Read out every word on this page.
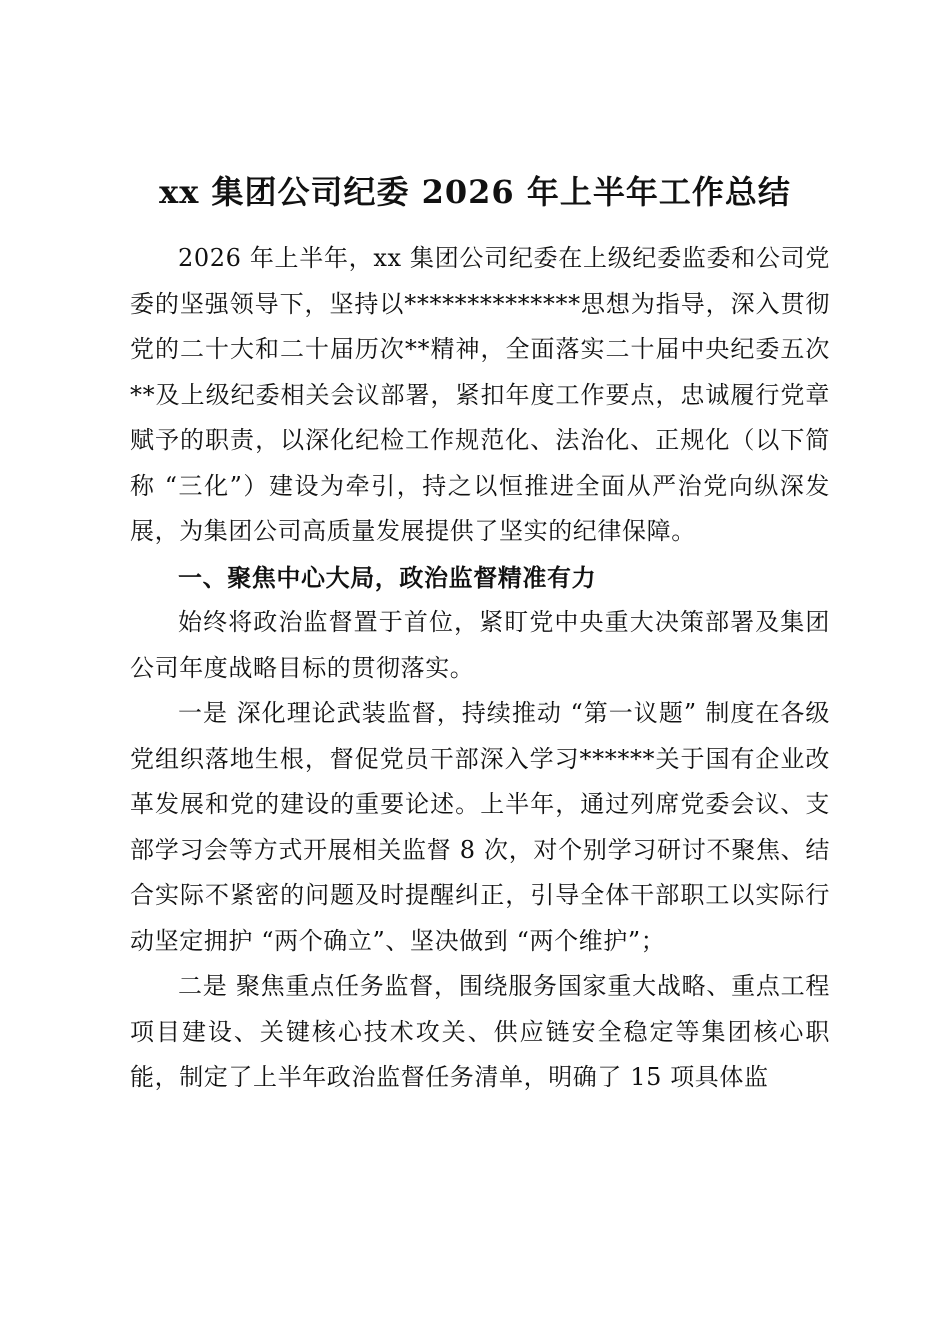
xx 集团公司纪委 2026 年上半年工作总结

2026 年上半年，xx 集团公司纪委在上级纪委监委和公司党委的坚强领导下，坚持以**************思想为指导，深入贯彻党的二十大和二十届历次**精神，全面落实二十届中央纪委五次**及上级纪委相关会议部署，紧扣年度工作要点，忠诚履行党章赋予的职责，以深化纪检工作规范化、法治化、正规化（以下简称 “三化”）建设为牵引，持之以恒推进全面从严治党向纵深发展，为集团公司高质量发展提供了坚实的纪律保障。

一、聚焦中心大局，政治监督精准有力

始终将政治监督置于首位，紧盯党中央重大决策部署及集团公司年度战略目标的贯彻落实。

一是 深化理论武装监督，持续推动 “第一议题” 制度在各级党组织落地生根，督促党员干部深入学习******关于国有企业改革发展和党的建设的重要论述。上半年，通过列席党委会议、支部学习会等方式开展相关监督 8 次，对个别学习研讨不聚焦、结合实际不紧密的问题及时提醒纠正，引导全体干部职工以实际行动坚定拥护 “两个确立”、坚决做到 “两个维护”；

二是 聚焦重点任务监督，围绕服务国家重大战略、重点工程项目建设、关键核心技术攻关、供应链安全稳定等集团核心职能，制定了上半年政治监督任务清单，明确了 15 项具体监
